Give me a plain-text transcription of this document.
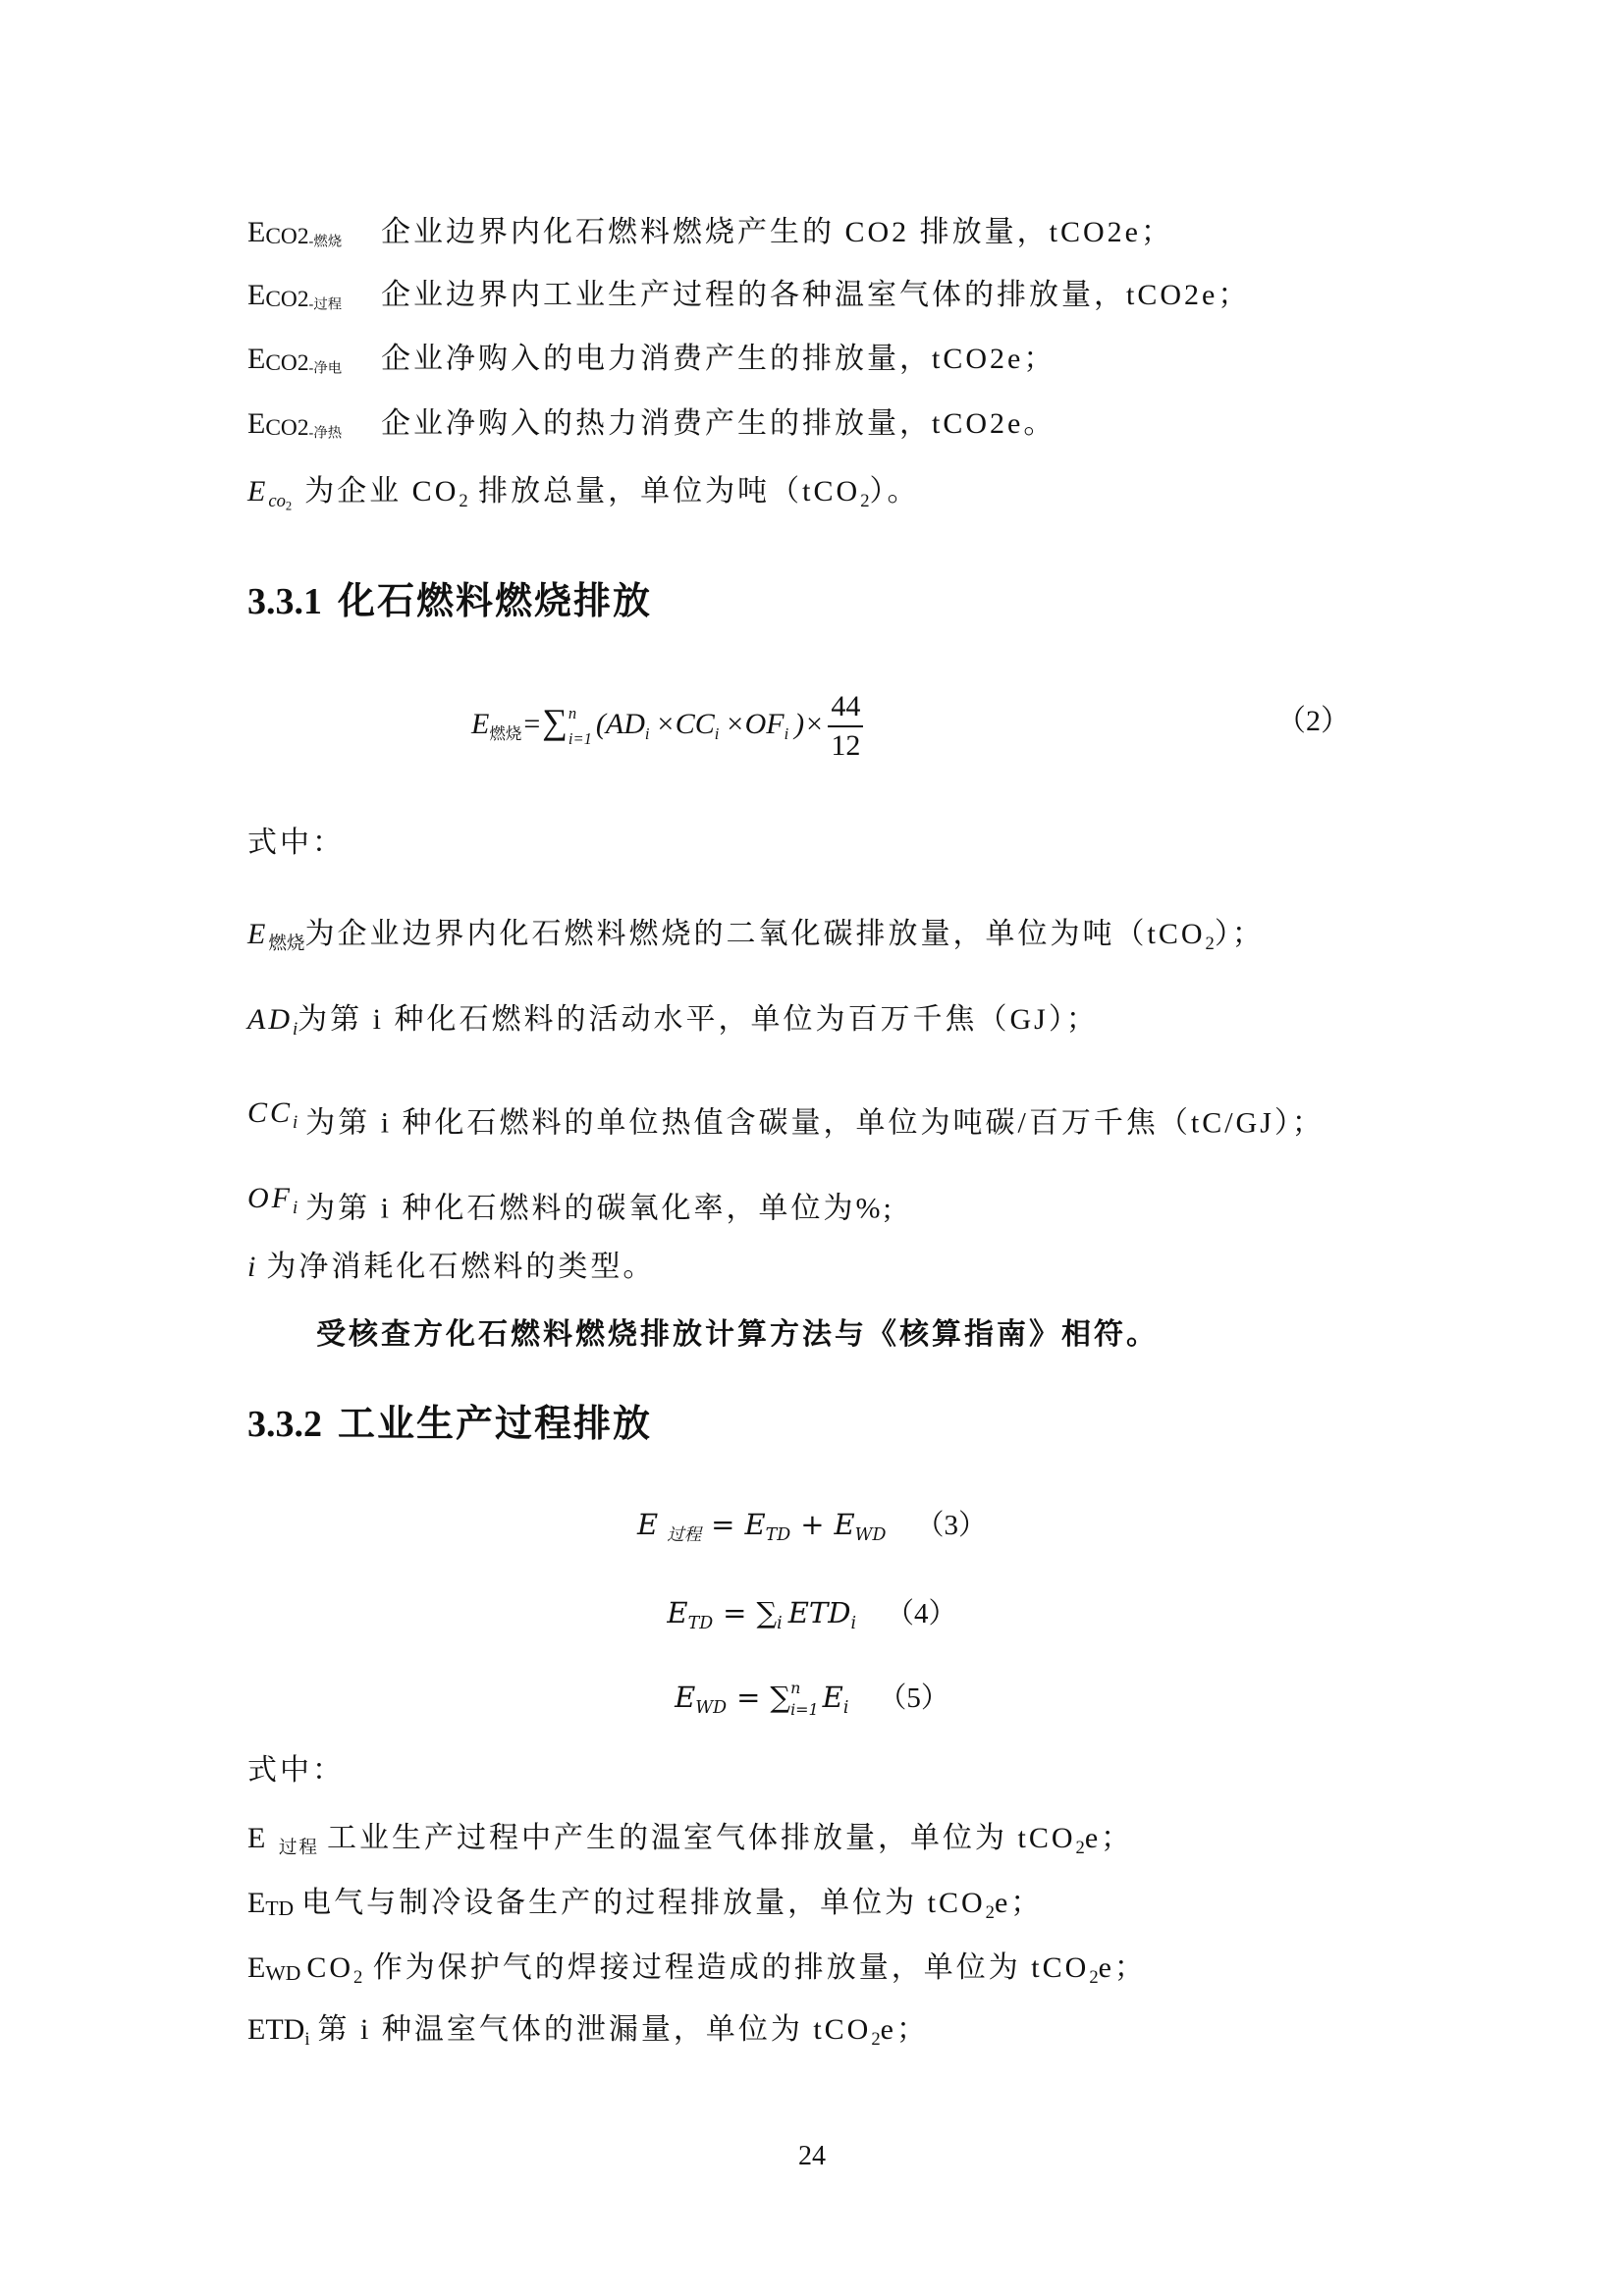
ECO2-燃烧 企业边界内化石燃料燃烧产生的 CO2 排放量，tCO2e；
ECO2-过程 企业边界内工业生产过程的各种温室气体的排放量，tCO2e；
ECO2-净电 企业净购入的电力消费产生的排放量，tCO2e；
ECO2-净热 企业净购入的热力消费产生的排放量，tCO2e。
$E_{co2}$ 为企业 $CO_2$ 排放总量，单位为吨（tCO$_2$）。
3.3.1 化石燃料燃烧排放
E燃烧=∑ n
i=1 (ADi ×CCi ×OFi )× $\frac{44}{12}$	（2）
式中：
$E_{燃烧}$为企业边界内化石燃料燃烧的二氧化碳排放量，单位为吨（tCO$_2$）；
$AD_i$为第 i 种化石燃料的活动水平，单位为百万千焦（GJ）；
$CC_i$ 为第 i 种化石燃料的单位热值含碳量，单位为吨碳/百万千焦（tC/GJ）；
$OF_i$ 为第 i 种化石燃料的碳氧化率，单位为%;
i 为净消耗化石燃料的类型。
受核查方化石燃料燃烧排放计算方法与《核算指南》相符。
3.3.2 工业生产过程排放
E $_{过程} = E_{TD} + E_{WD}$ （3）
$E_{TD} = \sum_i$ $ETD_i$ （4）
$E_{WD}$ = ∑ n
i=1 $E_i$ （5）
式中：
E $_{过程}$ 工业生产过程中产生的温室气体排放量，单位为 tCO$_2$e；
ETD 电气与制冷设备生产的过程排放量，单位为 tCO$_2$e；
EWD $CO_2$ 作为保护气的焊接过程造成的排放量，单位为 tCO$_2$e；
$ETD_i$ 第 i 种温室气体的泄漏量，单位为 tCO$_2$e；
24
